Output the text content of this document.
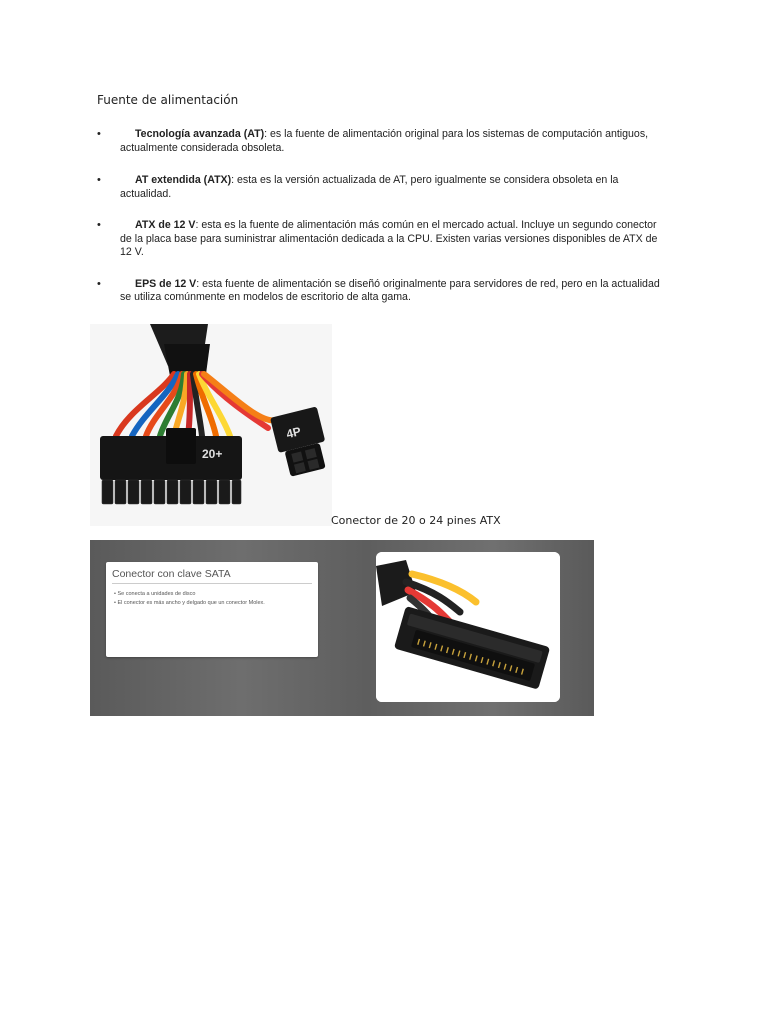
Fuente de alimentación
•	Tecnología avanzada (AT): es la fuente de alimentación original para los sistemas de computación antiguos, actualmente considerada obsoleta.
•	AT extendida (ATX): esta es la versión actualizada de AT, pero igualmente se considera obsoleta en la actualidad.
•	ATX de 12 V: esta es la fuente de alimentación más común en el mercado actual. Incluye un segundo conector de la placa base para suministrar alimentación dedicada a la CPU. Existen varias versiones disponibles de ATX de 12 V.
•	EPS de 12 V: esta fuente de alimentación se diseñó originalmente para servidores de red, pero en la actualidad se utiliza comúnmente en modelos de escritorio de alta gama.
20+
4P
Conector de 20 o 24 pines ATX
Conector con clave SATA
• Se conecta a unidades de disco
• El conector es más ancho y delgado que un conector Molex.
